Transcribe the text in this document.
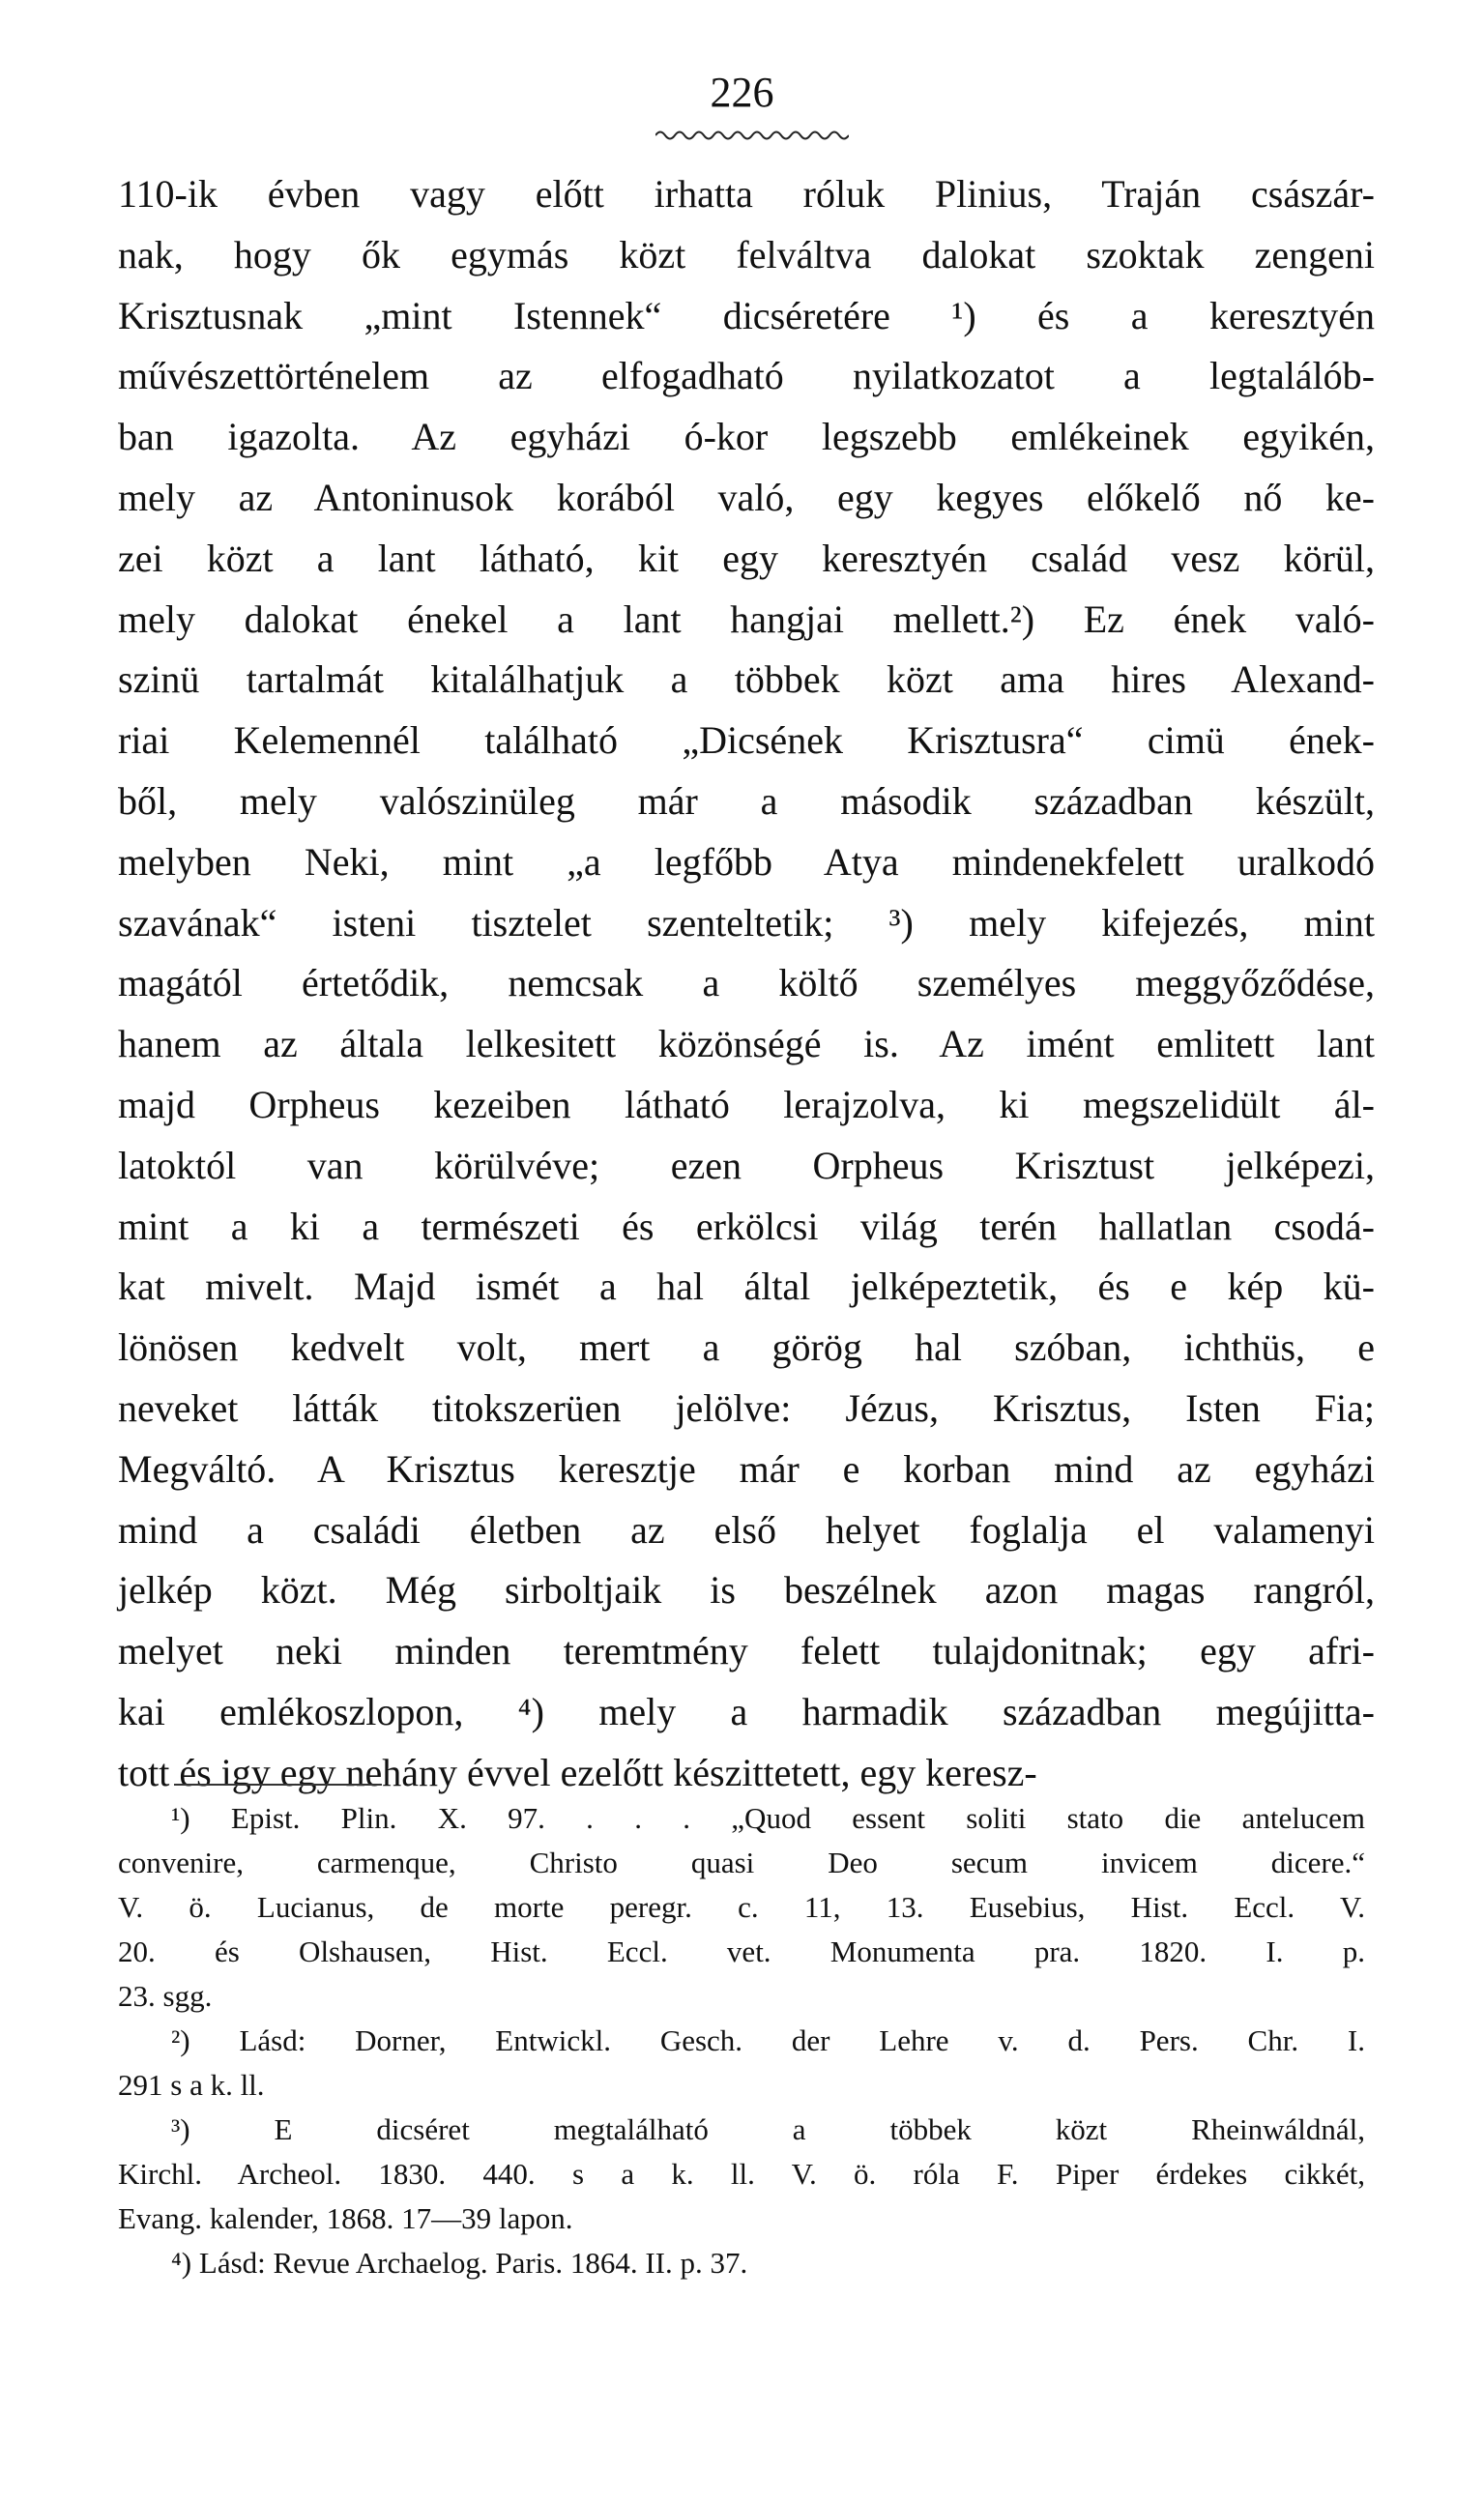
226
110-ik évben vagy előtt irhatta róluk Plinius, Traján császár-
nak, hogy ők egymás közt felváltva dalokat szoktak zengeni
Krisztusnak „mint Istennek“ dicséretére ¹) és a keresztyén
művészettörténelem az elfogadható nyilatkozatot a legtalálób-
ban igazolta. Az egyházi ó-kor legszebb emlékeinek egyikén,
mely az Antoninusok korából való, egy kegyes előkelő nő ke-
zei közt a lant látható, kit egy keresztyén család vesz körül,
mely dalokat énekel a lant hangjai mellett.²) Ez ének való-
szinü tartalmát kitalálhatjuk a többek közt ama hires Alexand-
riai Kelemennél található „Dicsének Krisztusra“ cimü ének-
ből, mely valószinüleg már a második században készült,
melyben Neki, mint „a legfőbb Atya mindenekfelett uralkodó
szavának“ isteni tisztelet szenteltetik; ³) mely kifejezés, mint
magától értetődik, nemcsak a költő személyes meggyőződése,
hanem az általa lelkesitett közönségé is. Az imént emlitett lant
majd Orpheus kezeiben látható lerajzolva, ki megszelidült ál-
latoktól van körülvéve; ezen Orpheus Krisztust jelképezi,
mint a ki a természeti és erkölcsi világ terén hallatlan csodá-
kat mivelt. Majd ismét a hal által jelképeztetik, és e kép kü-
lönösen kedvelt volt, mert a görög hal szóban, ichthüs, e
neveket látták titokszerüen jelölve: Jézus, Krisztus, Isten Fia;
Megváltó. A Krisztus keresztje már e korban mind az egyházi
mind a családi életben az első helyet foglalja el valamenyi
jelkép közt. Még sirboltjaik is beszélnek azon magas rangról,
melyet neki minden teremtmény felett tulajdonitnak; egy afri-
kai emlékoszlopon, ⁴) mely a harmadik században megújitta-
tott és igy egy nehány évvel ezelőtt készittetett, egy keresz-
¹) Epist. Plin. X. 97. . . . „Quod essent soliti stato die antelucem
convenire, carmenque, Christo quasi Deo secum invicem dicere.“
V. ö. Lucianus, de morte peregr. c. 11, 13. Eusebius, Hist. Eccl. V.
20. és Olshausen, Hist. Eccl. vet. Monumenta pra. 1820. I. p.
23. sgg.
²) Lásd: Dorner, Entwickl. Gesch. der Lehre v. d. Pers. Chr. I.
291 s a k. ll.
³) E dicséret megtalálható a többek közt Rheinwáldnál,
Kirchl. Archeol. 1830. 440. s a k. ll. V. ö. róla F. Piper érdekes cikkét,
Evang. kalender, 1868. 17—39 lapon.
⁴) Lásd: Revue Archaelog. Paris. 1864. II. p. 37.
